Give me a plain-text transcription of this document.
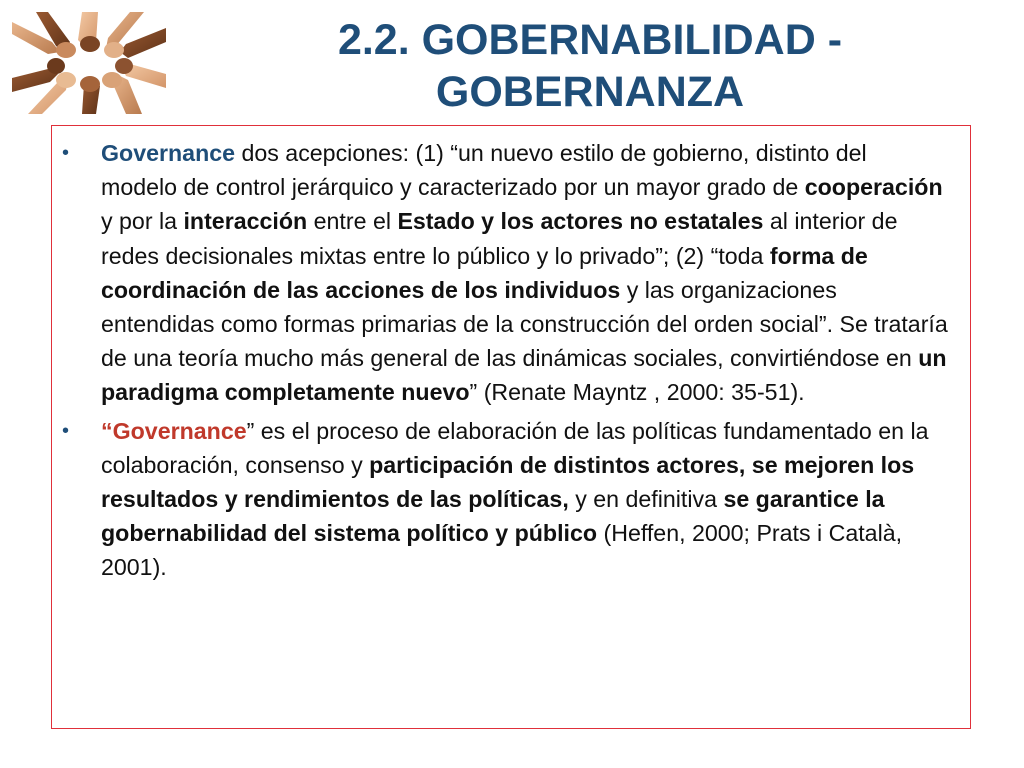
2.2. GOBERNABILIDAD -
GOBERNANZA
•	Governance dos acepciones: (1) “un nuevo estilo de gobierno, distinto del modelo de control jerárquico y caracterizado por un mayor grado de cooperación y por la interacción entre el Estado y los actores no estatales al interior de redes decisionales mixtas entre lo público y lo privado”; (2) “toda forma de coordinación de las acciones de los individuos y las organizaciones entendidas como formas primarias de la construcción del orden social”. Se trataría de una teoría mucho más general de las dinámicas sociales, convirtiéndose en un paradigma completamente nuevo” (Renate Mayntz , 2000: 35-51).
•	“Governance” es el proceso de elaboración de las políticas fundamentado en la colaboración, consenso y participación de distintos actores, se mejoren los resultados y rendimientos de las políticas, y en definitiva se garantice la gobernabilidad del sistema político y público (Heffen, 2000; Prats i Català, 2001).
